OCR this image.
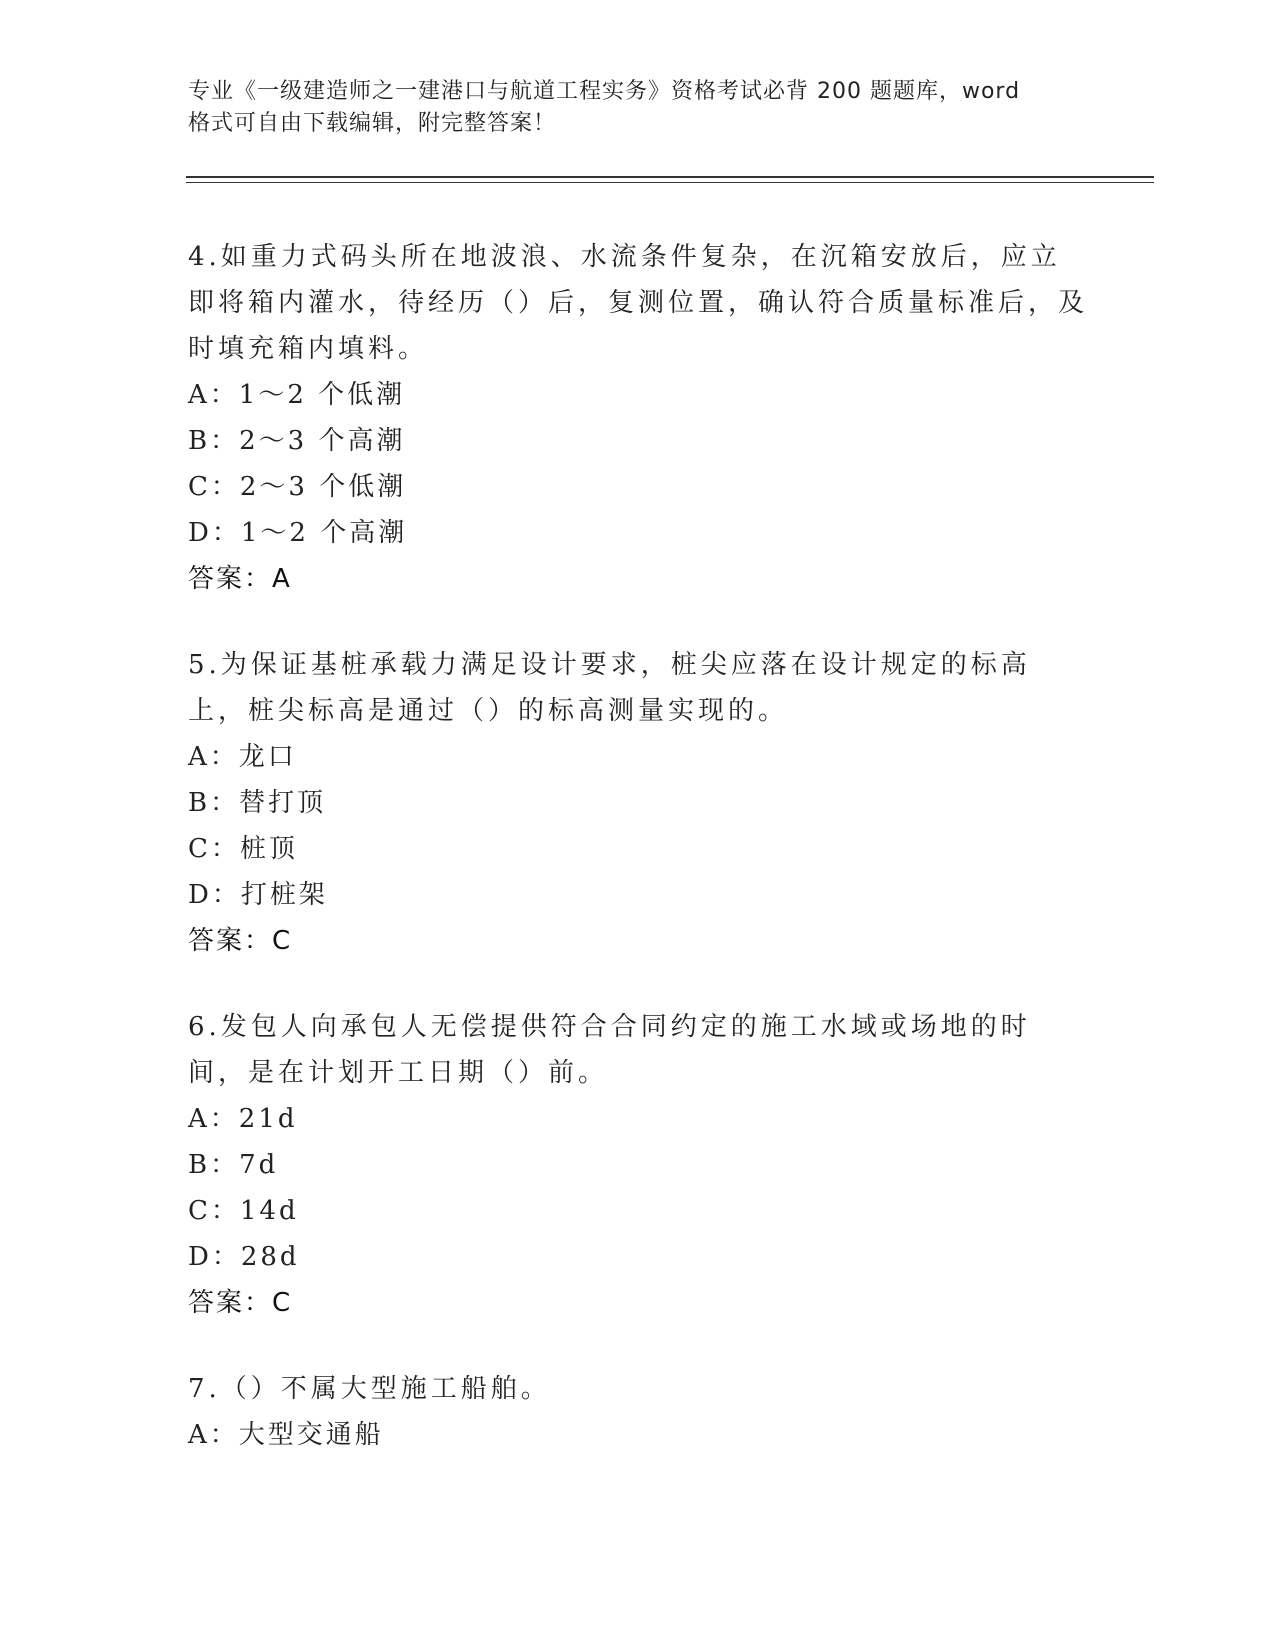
专业《一级建造师之一建港口与航道工程实务》资格考试必背 200 题题库，word
格式可自由下载编辑，附完整答案！
4.如重力式码头所在地波浪、水流条件复杂，在沉箱安放后，应立即将箱内灌水，待经历（）后，复测位置，确认符合质量标准后，及时填充箱内填料。
A：1～2 个低潮
B：2～3 个高潮
C：2～3 个低潮
D：1～2 个高潮
答案：A
5.为保证基桩承载力满足设计要求，桩尖应落在设计规定的标高上，桩尖标高是通过（）的标高测量实现的。
A：龙口
B：替打顶
C：桩顶
D：打桩架
答案：C
6.发包人向承包人无偿提供符合合同约定的施工水域或场地的时间，是在计划开工日期（）前。
A：21d
B：7d
C：14d
D：28d
答案：C
7.（）不属大型施工船舶。
A：大型交通船
